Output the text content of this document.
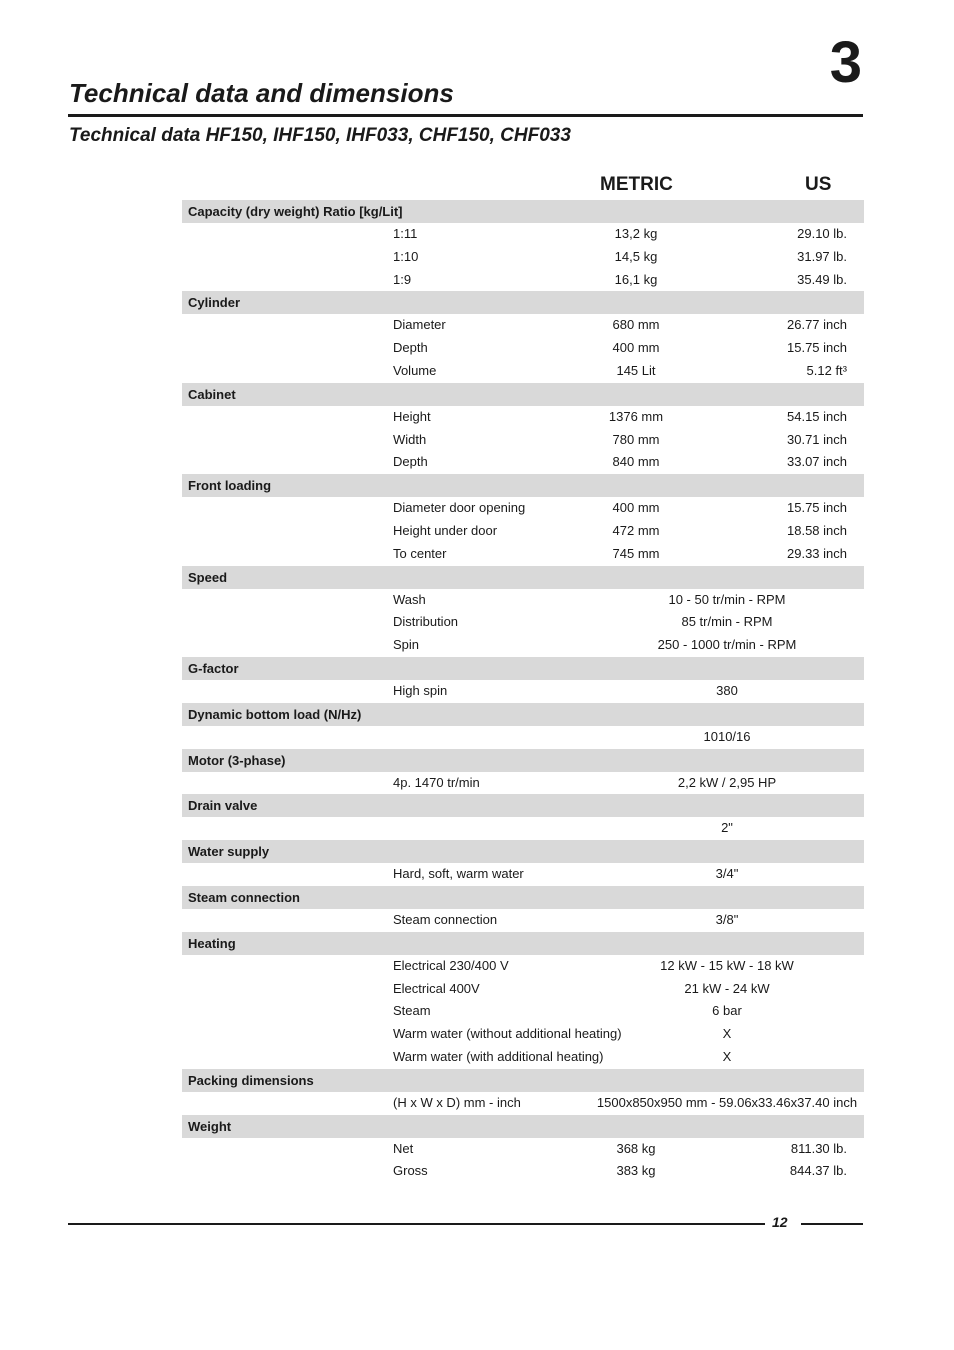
3
Technical data and dimensions
Technical data HF150, IHF150, IHF033, CHF150, CHF033
METRIC	US
Capacity (dry weight) Ratio [kg/Lit]
1:11	13,2 kg	29.10 lb.
1:10	14,5 kg	31.97 lb.
1:9	16,1 kg	35.49 lb.
Cylinder
Diameter	680 mm	26.77 inch
Depth	400 mm	15.75 inch
Volume	145 Lit	5.12 ft³
Cabinet
Height	1376 mm	54.15 inch
Width	780 mm	30.71 inch
Depth	840 mm	33.07 inch
Front loading
Diameter door opening	400 mm	15.75 inch
Height under door	472 mm	18.58 inch
To center	745 mm	29.33 inch
Speed
Wash	10 - 50 tr/min - RPM
Distribution	85 tr/min - RPM
Spin	250 - 1000 tr/min - RPM
G-factor
High spin	380
Dynamic bottom load (N/Hz)
1010/16
Motor (3-phase)
4p. 1470 tr/min	2,2 kW / 2,95 HP
Drain valve
2"
Water supply
Hard, soft, warm water	3/4"
Steam connection
Steam connection	3/8"
Heating
Electrical 230/400 V	12 kW - 15 kW - 18 kW
Electrical 400V	21 kW - 24 kW
Steam	6 bar
Warm water (without additional heating)	X
Warm water (with additional heating)	X
Packing dimensions
(H x W x D) mm - inch	1500x850x950 mm - 59.06x33.46x37.40 inch
Weight
Net	368 kg	811.30 lb.
Gross	383 kg	844.37 lb.
12
